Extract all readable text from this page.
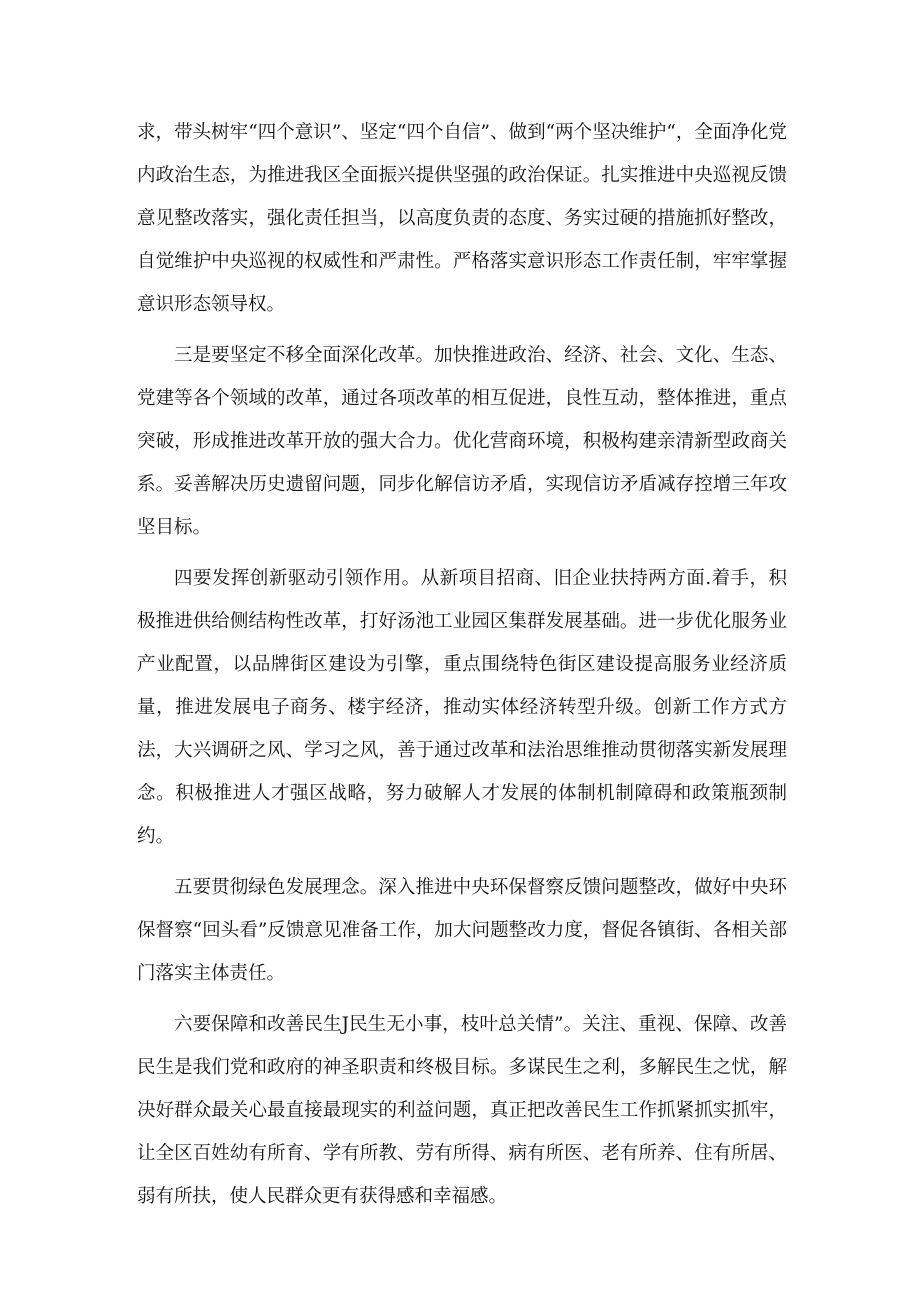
求，带头树牢“四个意识”、坚定“四个自信”、做到“两个坚决维护“，全面净化党内政治生态，为推进我区全面振兴提供坚强的政治保证。扎实推进中央巡视反馈意见整改落实，强化责任担当，以高度负责的态度、务实过硬的措施抓好整改，自觉维护中央巡视的权威性和严肃性。严格落实意识形态工作责任制，牢牢掌握意识形态领导权。

三是要坚定不移全面深化改革。加快推进政治、经济、社会、文化、生态、党建等各个领域的改革，通过各项改革的相互促进，良性互动，整体推进，重点突破，形成推进改革开放的强大合力。优化营商环境，积极构建亲清新型政商关系。妥善解决历史遗留问题，同步化解信访矛盾，实现信访矛盾减存控增三年攻坚目标。

四要发挥创新驱动引领作用。从新项目招商、旧企业扶持两方面.着手，积极推进供给侧结构性改革，打好汤池工业园区集群发展基础。进一步优化服务业产业配置，以品牌街区建设为引擎，重点围绕特色街区建设提高服务业经济质量，推进发展电子商务、楼宇经济，推动实体经济转型升级。创新工作方式方法，大兴调研之风、学习之风，善于通过改革和法治思维推动贯彻落实新发展理念。积极推进人才强区战略，努力破解人才发展的体制机制障碍和政策瓶颈制约。

五要贯彻绿色发展理念。深入推进中央环保督察反馈问题整改，做好中央环保督察“回头看”反馈意见准备工作，加大问题整改力度，督促各镇街、各相关部门落实主体责任。

六要保障和改善民生J民生无小事，枝叶总关情”。关注、重视、保障、改善民生是我们党和政府的神圣职责和终极目标。多谋民生之利，多解民生之忧，解决好群众最关心最直接最现实的利益问题，真正把改善民生工作抓紧抓实抓牢，让全区百姓幼有所育、学有所教、劳有所得、病有所医、老有所养、住有所居、弱有所扶，使人民群众更有获得感和幸福感。
